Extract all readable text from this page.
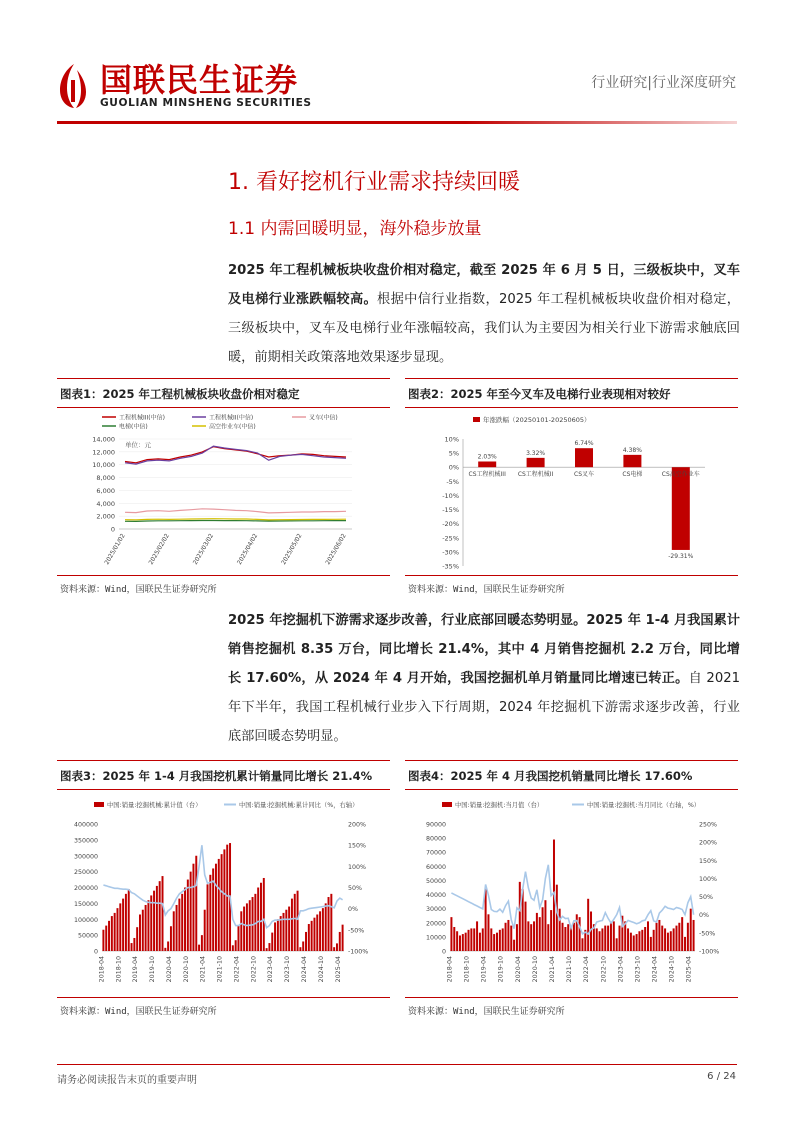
国联民生证券
GUOLIAN MINSHENG SECURITIES
行业研究|行业深度研究
1. 看好挖机行业需求持续回暖
1.1 内需回暖明显，海外稳步放量
2025 年工程机械板块收盘价相对稳定，截至 2025 年 6 月 5 日，三级板块中，叉车及电梯行业涨跌幅较高。根据中信行业指数，2025 年工程机械板块收盘价相对稳定，三级板块中，叉车及电梯行业年涨幅较高，我们认为主要因为相关行业下游需求触底回暖，前期相关政策落地效果逐步显现。
图表1：2025 年工程机械板块收盘价相对稳定
工程机械III(中信)	工程机械II(中信)	叉车(中信)
电梯(中信)	高空作业车(中信)
单位：元
0
2,000
4,000
6,000
8,000
10,000
12,000
14,000
2025/01/02	2025/02/02	2025/03/02	2025/04/02	2025/05/02	2025/06/02
资料来源：Wind，国联民生证券研究所
图表2：2025 年至今叉车及电梯行业表现相对较好
年涨跌幅（20250101-20250605）
10%
5%
0%
-5%
-10%
-15%
-20%
-25%
-30%
-35%
2.03%
CS工程机械III
3.32%
CS工程机械II
6.74%
CS叉车
4.38%
CS电梯
-29.31%
CS高空作业车
资料来源：Wind，国联民生证券研究所
2025 年挖掘机下游需求逐步改善，行业底部回暖态势明显。2025 年 1-4 月我国累计销售挖掘机 8.35 万台，同比增长 21.4%，其中 4 月销售挖掘机 2.2 万台，同比增长 17.60%，从 2024 年 4 月开始，我国挖掘机单月销量同比增速已转正。自 2021 年下半年，我国工程机械行业步入下行周期，2024 年挖掘机下游需求逐步改善，行业底部回暖态势明显。
图表3：2025 年 1-4 月我国挖机累计销量同比增长 21.4%
中国:销量:挖掘机械:累计值（台）	中国:销量:挖掘机械:累计同比（%，右轴）
0
50000
100000
150000
200000
250000
300000
350000
400000
-100%
-50%
0%
50%
100%
150%
200%
2018-04 2018-10 2019-04 2019-10 2020-04 2020-10 2021-04 2021-10 2022-04 2022-10 2023-04 2023-10 2024-04 2024-10 2025-04
资料来源：Wind，国联民生证券研究所
图表4：2025 年 4 月我国挖机销量同比增长 17.60%
中国:销量:挖掘机:当月值（台）	中国:销量:挖掘机:当月同比（右轴，%）
0
10000
20000
30000
40000
50000
60000
70000
80000
90000
-100%
-50%
0%
50%
100%
150%
200%
250%
2018-04 2018-10 2019-04 2019-10 2020-04 2020-10 2021-04 2021-10 2022-04 2022-10 2023-04 2023-10 2024-04 2024-10 2025-04
资料来源：Wind，国联民生证券研究所
请务必阅读报告末页的重要声明	6 / 24
